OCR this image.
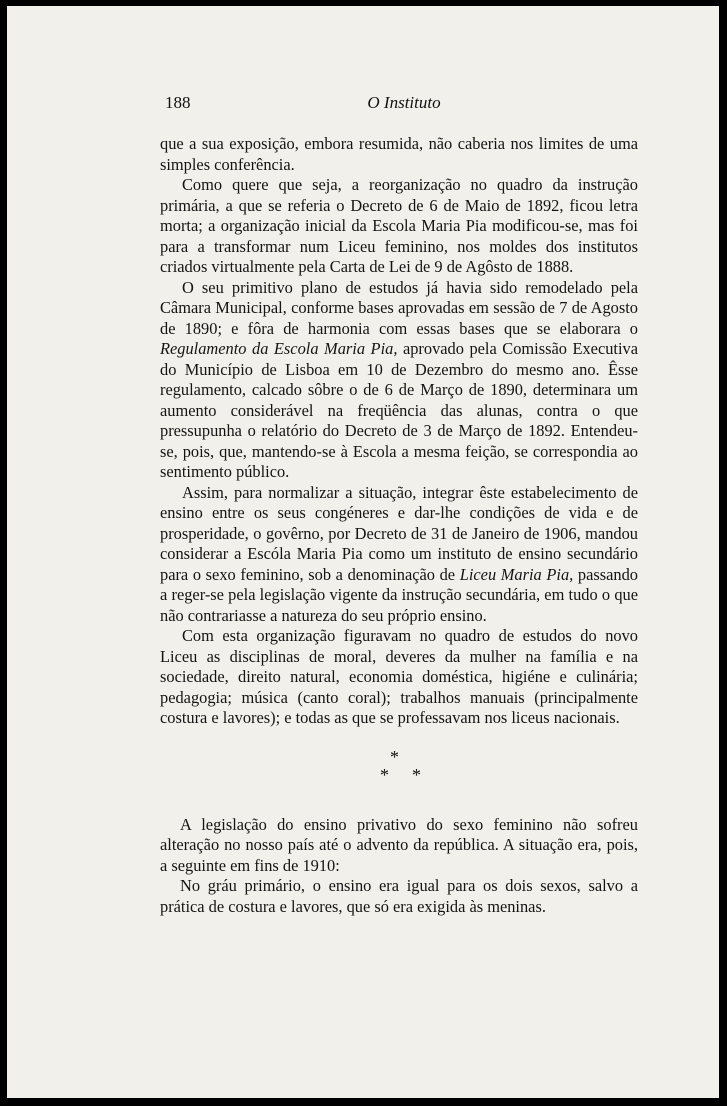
188	O Instituto

que a sua exposição, embora resumida, não caberia nos limites de uma simples conferência.

Como quere que seja, a reorganização no quadro da instrução primária, a que se referia o Decreto de 6 de Maio de 1892, ficou letra morta; a organização inicial da Escola Maria Pia modificou-se, mas foi para a transformar num Liceu feminino, nos moldes dos institutos criados virtualmente pela Carta de Lei de 9 de Agôsto de 1888.

O seu primitivo plano de estudos já havia sido remodelado pela Câmara Municipal, conforme bases aprovadas em sessão de 7 de Agosto de 1890; e fôra de harmonia com essas bases que se elaborara o Regulamento da Escola Maria Pia, aprovado pela Comissão Executiva do Município de Lisboa em 10 de Dezembro do mesmo ano. Êsse regulamento, calcado sôbre o de 6 de Março de 1890, determinara um aumento considerável na freqüência das alunas, contra o que pressupunha o relatório do Decreto de 3 de Março de 1892. Entendeu-se, pois, que, mantendo-se à Escola a mesma feição, se correspondia ao sentimento público.

Assim, para normalizar a situação, integrar êste estabelecimento de ensino entre os seus congéneres e dar-lhe condições de vida e de prosperidade, o govêrno, por Decreto de 31 de Janeiro de 1906, mandou considerar a Escóla Maria Pia como um instituto de ensino secundário para o sexo feminino, sob a denominação de Liceu Maria Pia, passando a reger-se pela legislação vigente da instrução secundária, em tudo o que não contrariasse a natureza do seu próprio ensino.

Com esta organização figuravam no quadro de estudos do novo Liceu as disciplinas de moral, deveres da mulher na família e na sociedade, direito natural, economia doméstica, higiéne e culinária; pedagogia; música (canto coral); trabalhos manuais (principalmente costura e lavores); e todas as que se professavam nos liceus nacionais.

*
* *

A legislação do ensino privativo do sexo feminino não sofreu alteração no nosso país até o advento da república. A situação era, pois, a seguinte em fins de 1910:

No gráu primário, o ensino era igual para os dois sexos, salvo a prática de costura e lavores, que só era exigida às meninas.
